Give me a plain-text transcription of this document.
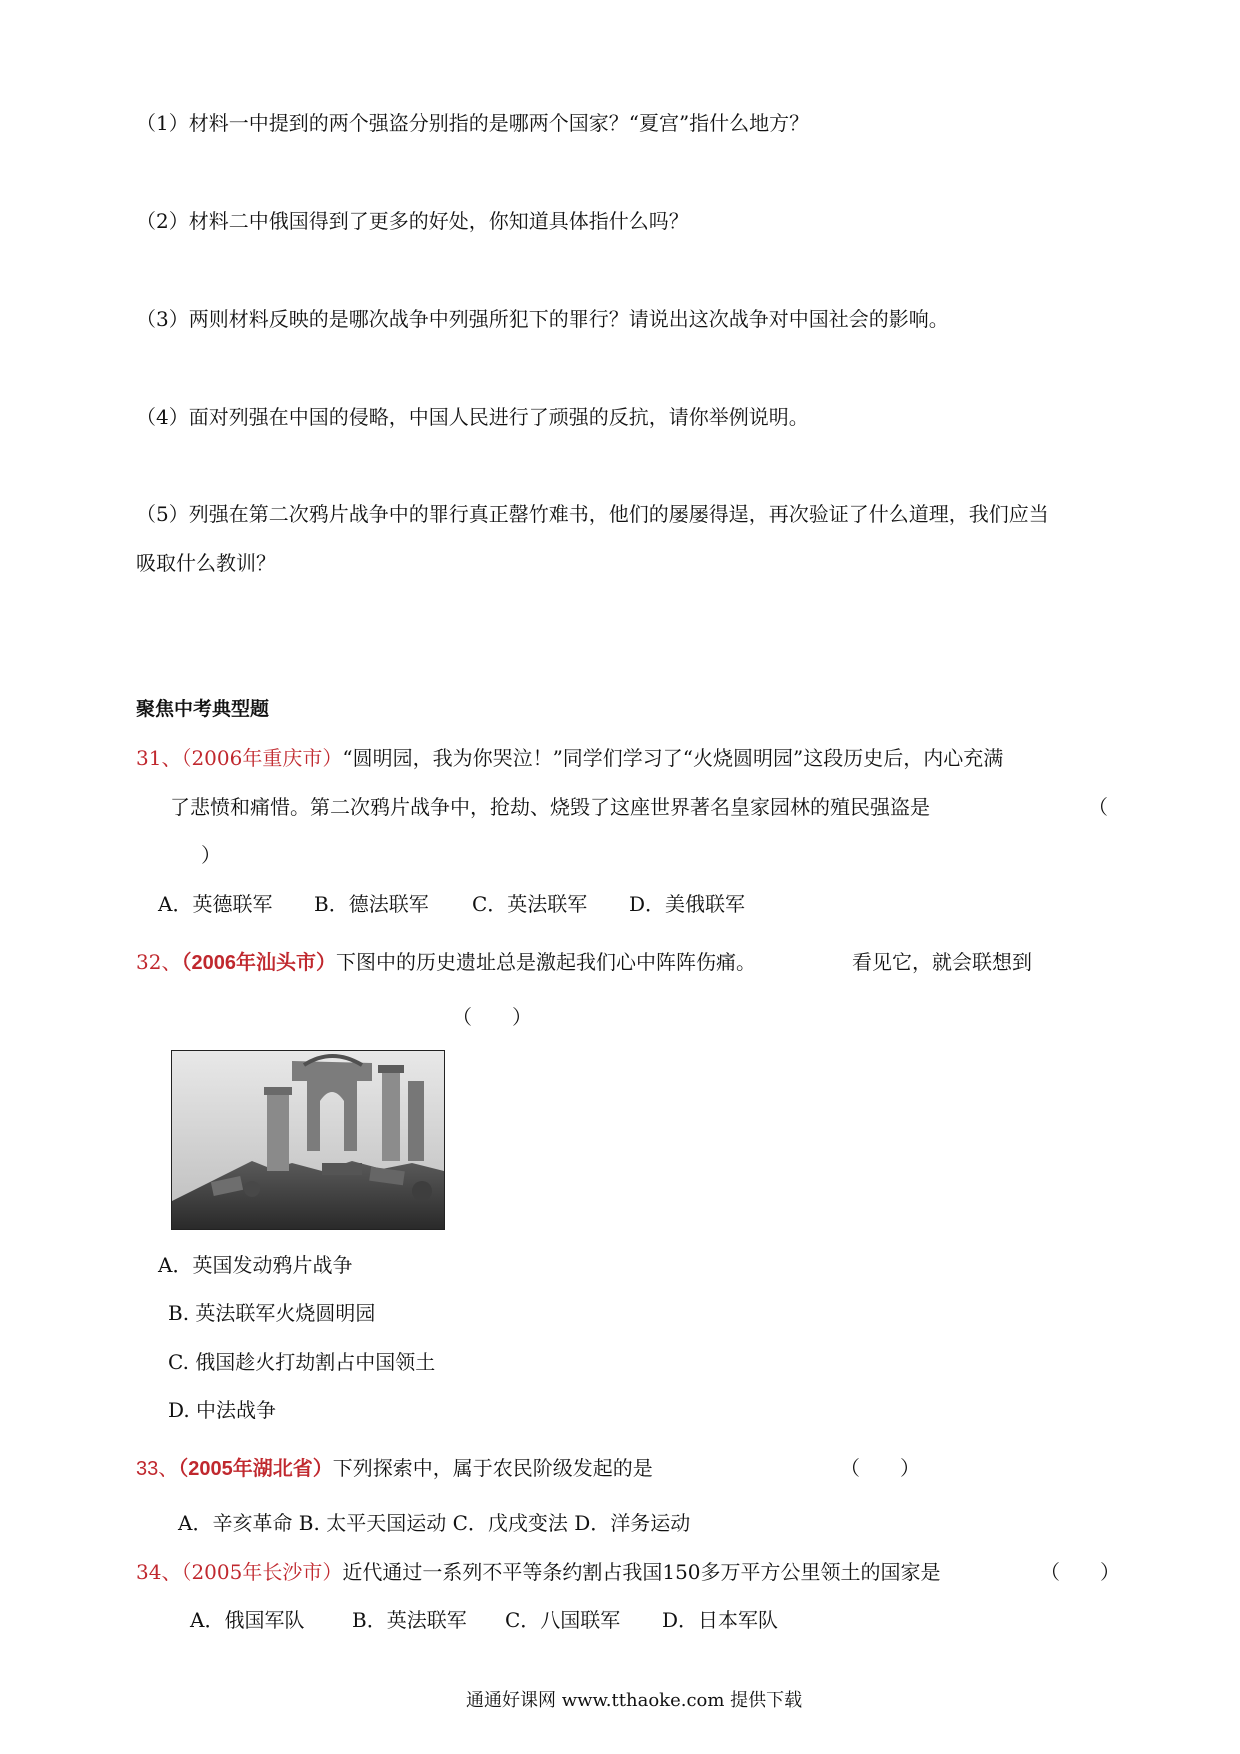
（1）材料一中提到的两个强盗分别指的是哪两个国家？“夏宫”指什么地方？
（2）材料二中俄国得到了更多的好处，你知道具体指什么吗？
（3）两则材料反映的是哪次战争中列强所犯下的罪行？请说出这次战争对中国社会的影响。
（4）面对列强在中国的侵略，中国人民进行了顽强的反抗，请你举例说明。
（5）列强在第二次鸦片战争中的罪行真正罄竹难书，他们的屡屡得逞，再次验证了什么道理，我们应当
吸取什么教训？
聚焦中考典型题
31、（2006年重庆市）“圆明园，我为你哭泣！”同学们学习了“火烧圆明园”这段历史后，内心充满
了悲愤和痛惜。第二次鸦片战争中，抢劫、烧毁了这座世界著名皇家园林的殖民强盗是	（
）
A．英德联军 B．德法联军 C．英法联军 D．美俄联军
32、（2006年汕头市）下图中的历史遗址总是激起我们心中阵阵伤痛。	看见它，就会联想到
（　　）
A．英国发动鸦片战争
B. 英法联军火烧圆明园
C. 俄国趁火打劫割占中国领土
D. 中法战争
33、（2005年湖北省）下列探索中，属于农民阶级发起的是	（　　）
A．辛亥革命 B. 太平天国运动 C．戊戌变法 D．洋务运动
34、（2005年长沙市）近代通过一系列不平等条约割占我国150多万平方公里领土的国家是	（　　）
A．俄国军队 B．英法联军 C．八国联军 D．日本军队
通通好课网 www.tthaoke.com 提供下载
